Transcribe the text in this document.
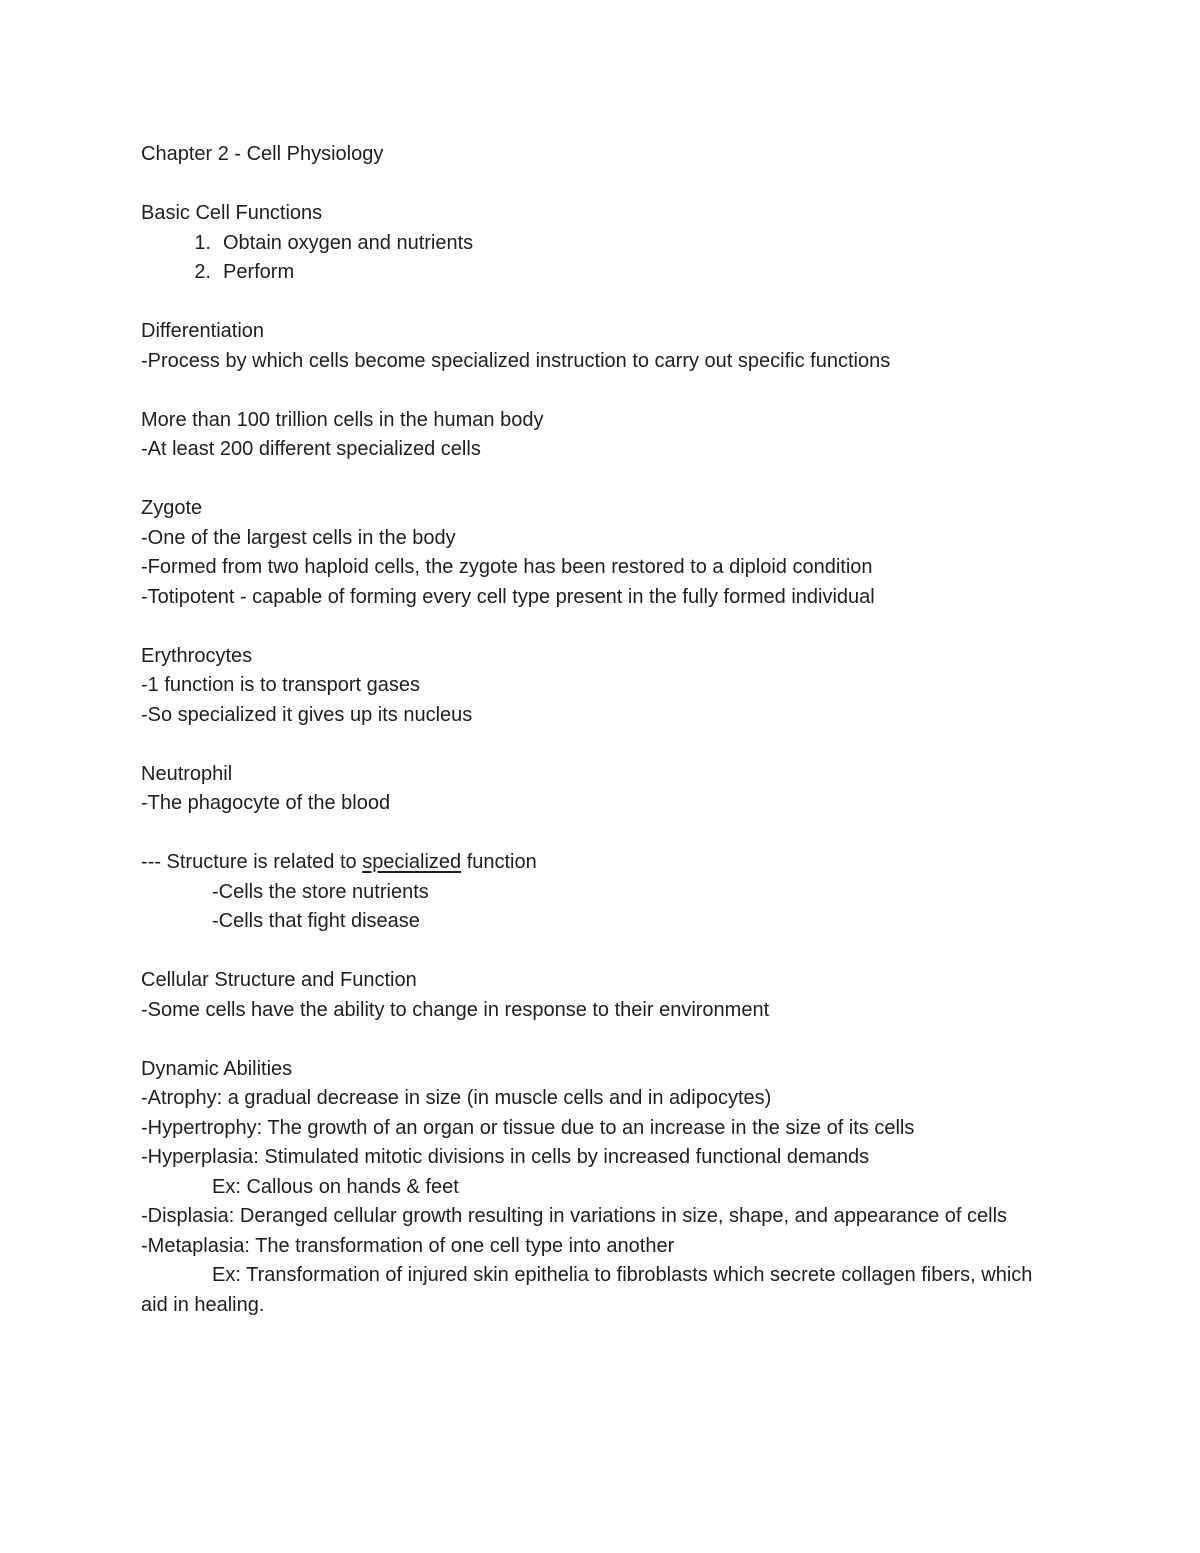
Chapter 2 - Cell Physiology
Basic Cell Functions
1. Obtain oxygen and nutrients
2. Perform
Differentiation
-Process by which cells become specialized instruction to carry out specific functions
More than 100 trillion cells in the human body
-At least 200 different specialized cells
Zygote
-One of the largest cells in the body
-Formed from two haploid cells, the zygote has been restored to a diploid condition
-Totipotent - capable of forming every cell type present in the fully formed individual
Erythrocytes
-1 function is to transport gases
-So specialized it gives up its nucleus
Neutrophil
-The phagocyte of the blood
--- Structure is related to specialized function
-Cells the store nutrients
-Cells that fight disease
Cellular Structure and Function
-Some cells have the ability to change in response to their environment
Dynamic Abilities
-Atrophy: a gradual decrease in size (in muscle cells and in adipocytes)
-Hypertrophy: The growth of an organ or tissue due to an increase in the size of its cells
-Hyperplasia: Stimulated mitotic divisions in cells by increased functional demands
Ex: Callous on hands & feet
-Displasia: Deranged cellular growth resulting in variations in size, shape, and appearance of cells
-Metaplasia: The transformation of one cell type into another
Ex: Transformation of injured skin epithelia to fibroblasts which secrete collagen fibers, which aid in healing.
